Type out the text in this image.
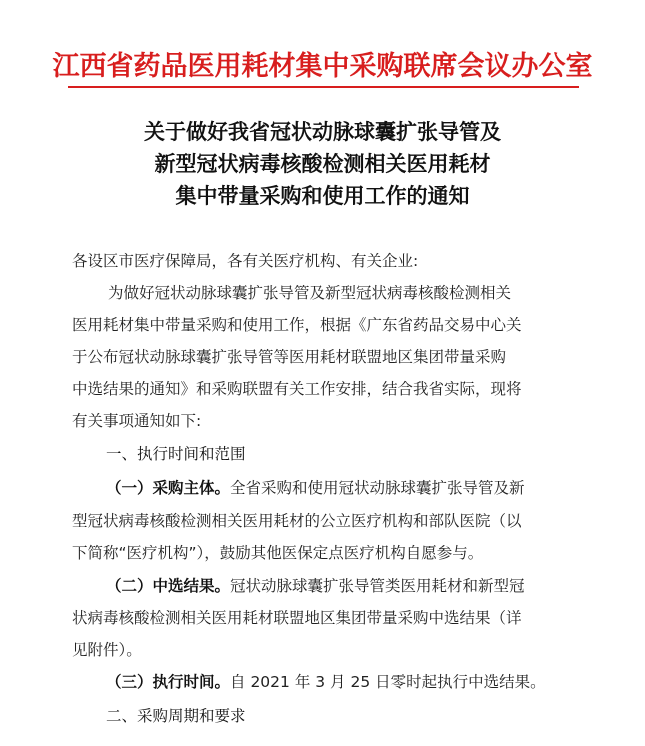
江西省药品医用耗材集中采购联席会议办公室
关于做好我省冠状动脉球囊扩张导管及
新型冠状病毒核酸检测相关医用耗材
集中带量采购和使用工作的通知
各设区市医疗保障局，各有关医疗机构、有关企业:
为做好冠状动脉球囊扩张导管及新型冠状病毒核酸检测相关
医用耗材集中带量采购和使用工作，根据《广东省药品交易中心关
于公布冠状动脉球囊扩张导管等医用耗材联盟地区集团带量采购
中选结果的通知》和采购联盟有关工作安排，结合我省实际，现将
有关事项通知如下:
一、执行时间和范围
（一）采购主体。全省采购和使用冠状动脉球囊扩张导管及新
型冠状病毒核酸检测相关医用耗材的公立医疗机构和部队医院（以
下简称“医疗机构”），鼓励其他医保定点医疗机构自愿参与。
（二）中选结果。冠状动脉球囊扩张导管类医用耗材和新型冠
状病毒核酸检测相关医用耗材联盟地区集团带量采购中选结果（详
见附件）。
（三）执行时间。自 2021 年 3 月 25 日零时起执行中选结果。
二、采购周期和要求
